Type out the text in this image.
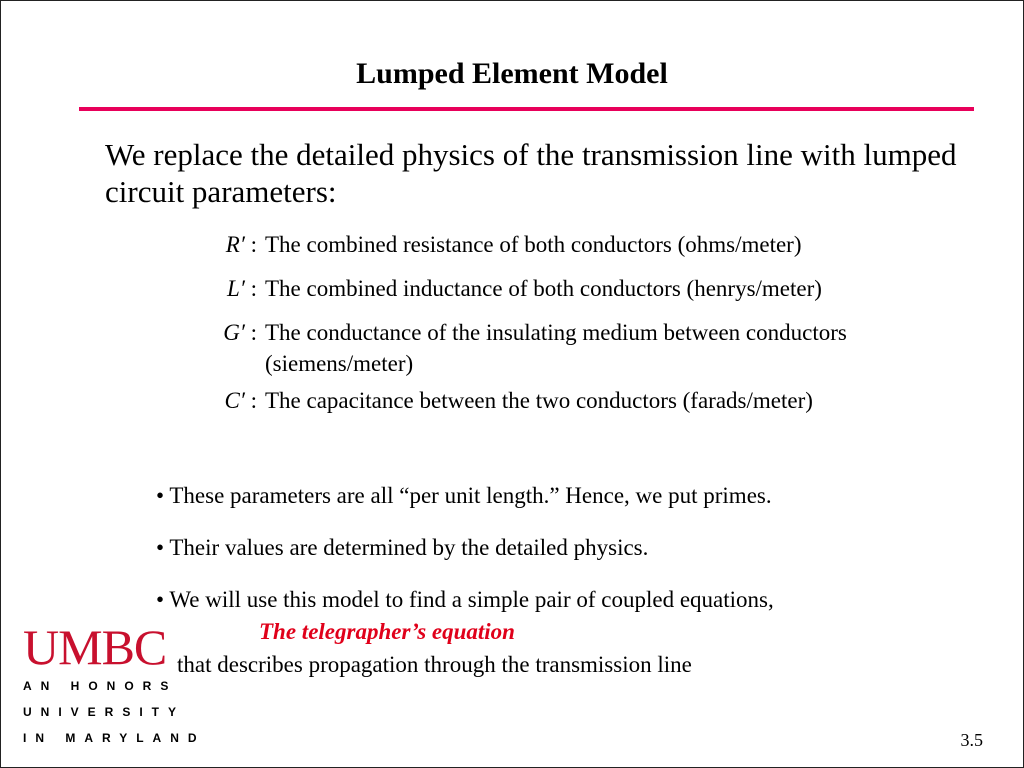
Lumped Element Model
We replace the detailed physics of the transmission line with lumped circuit parameters:
R′ : The combined resistance of both conductors (ohms/meter)
L′ : The combined inductance of both conductors (henrys/meter)
G′ : The conductance of the insulating medium between conductors (siemens/meter)
C′ : The capacitance between the two conductors (farads/meter)
• These parameters are all “per unit length.” Hence, we put primes.
• Their values are determined by the detailed physics.
• We will use this model to find a simple pair of coupled equations,
The telegrapher’s equation
that describes propagation through the transmission line
UMBC
AN HONORS
UNIVERSITY
IN MARYLAND	3.5
